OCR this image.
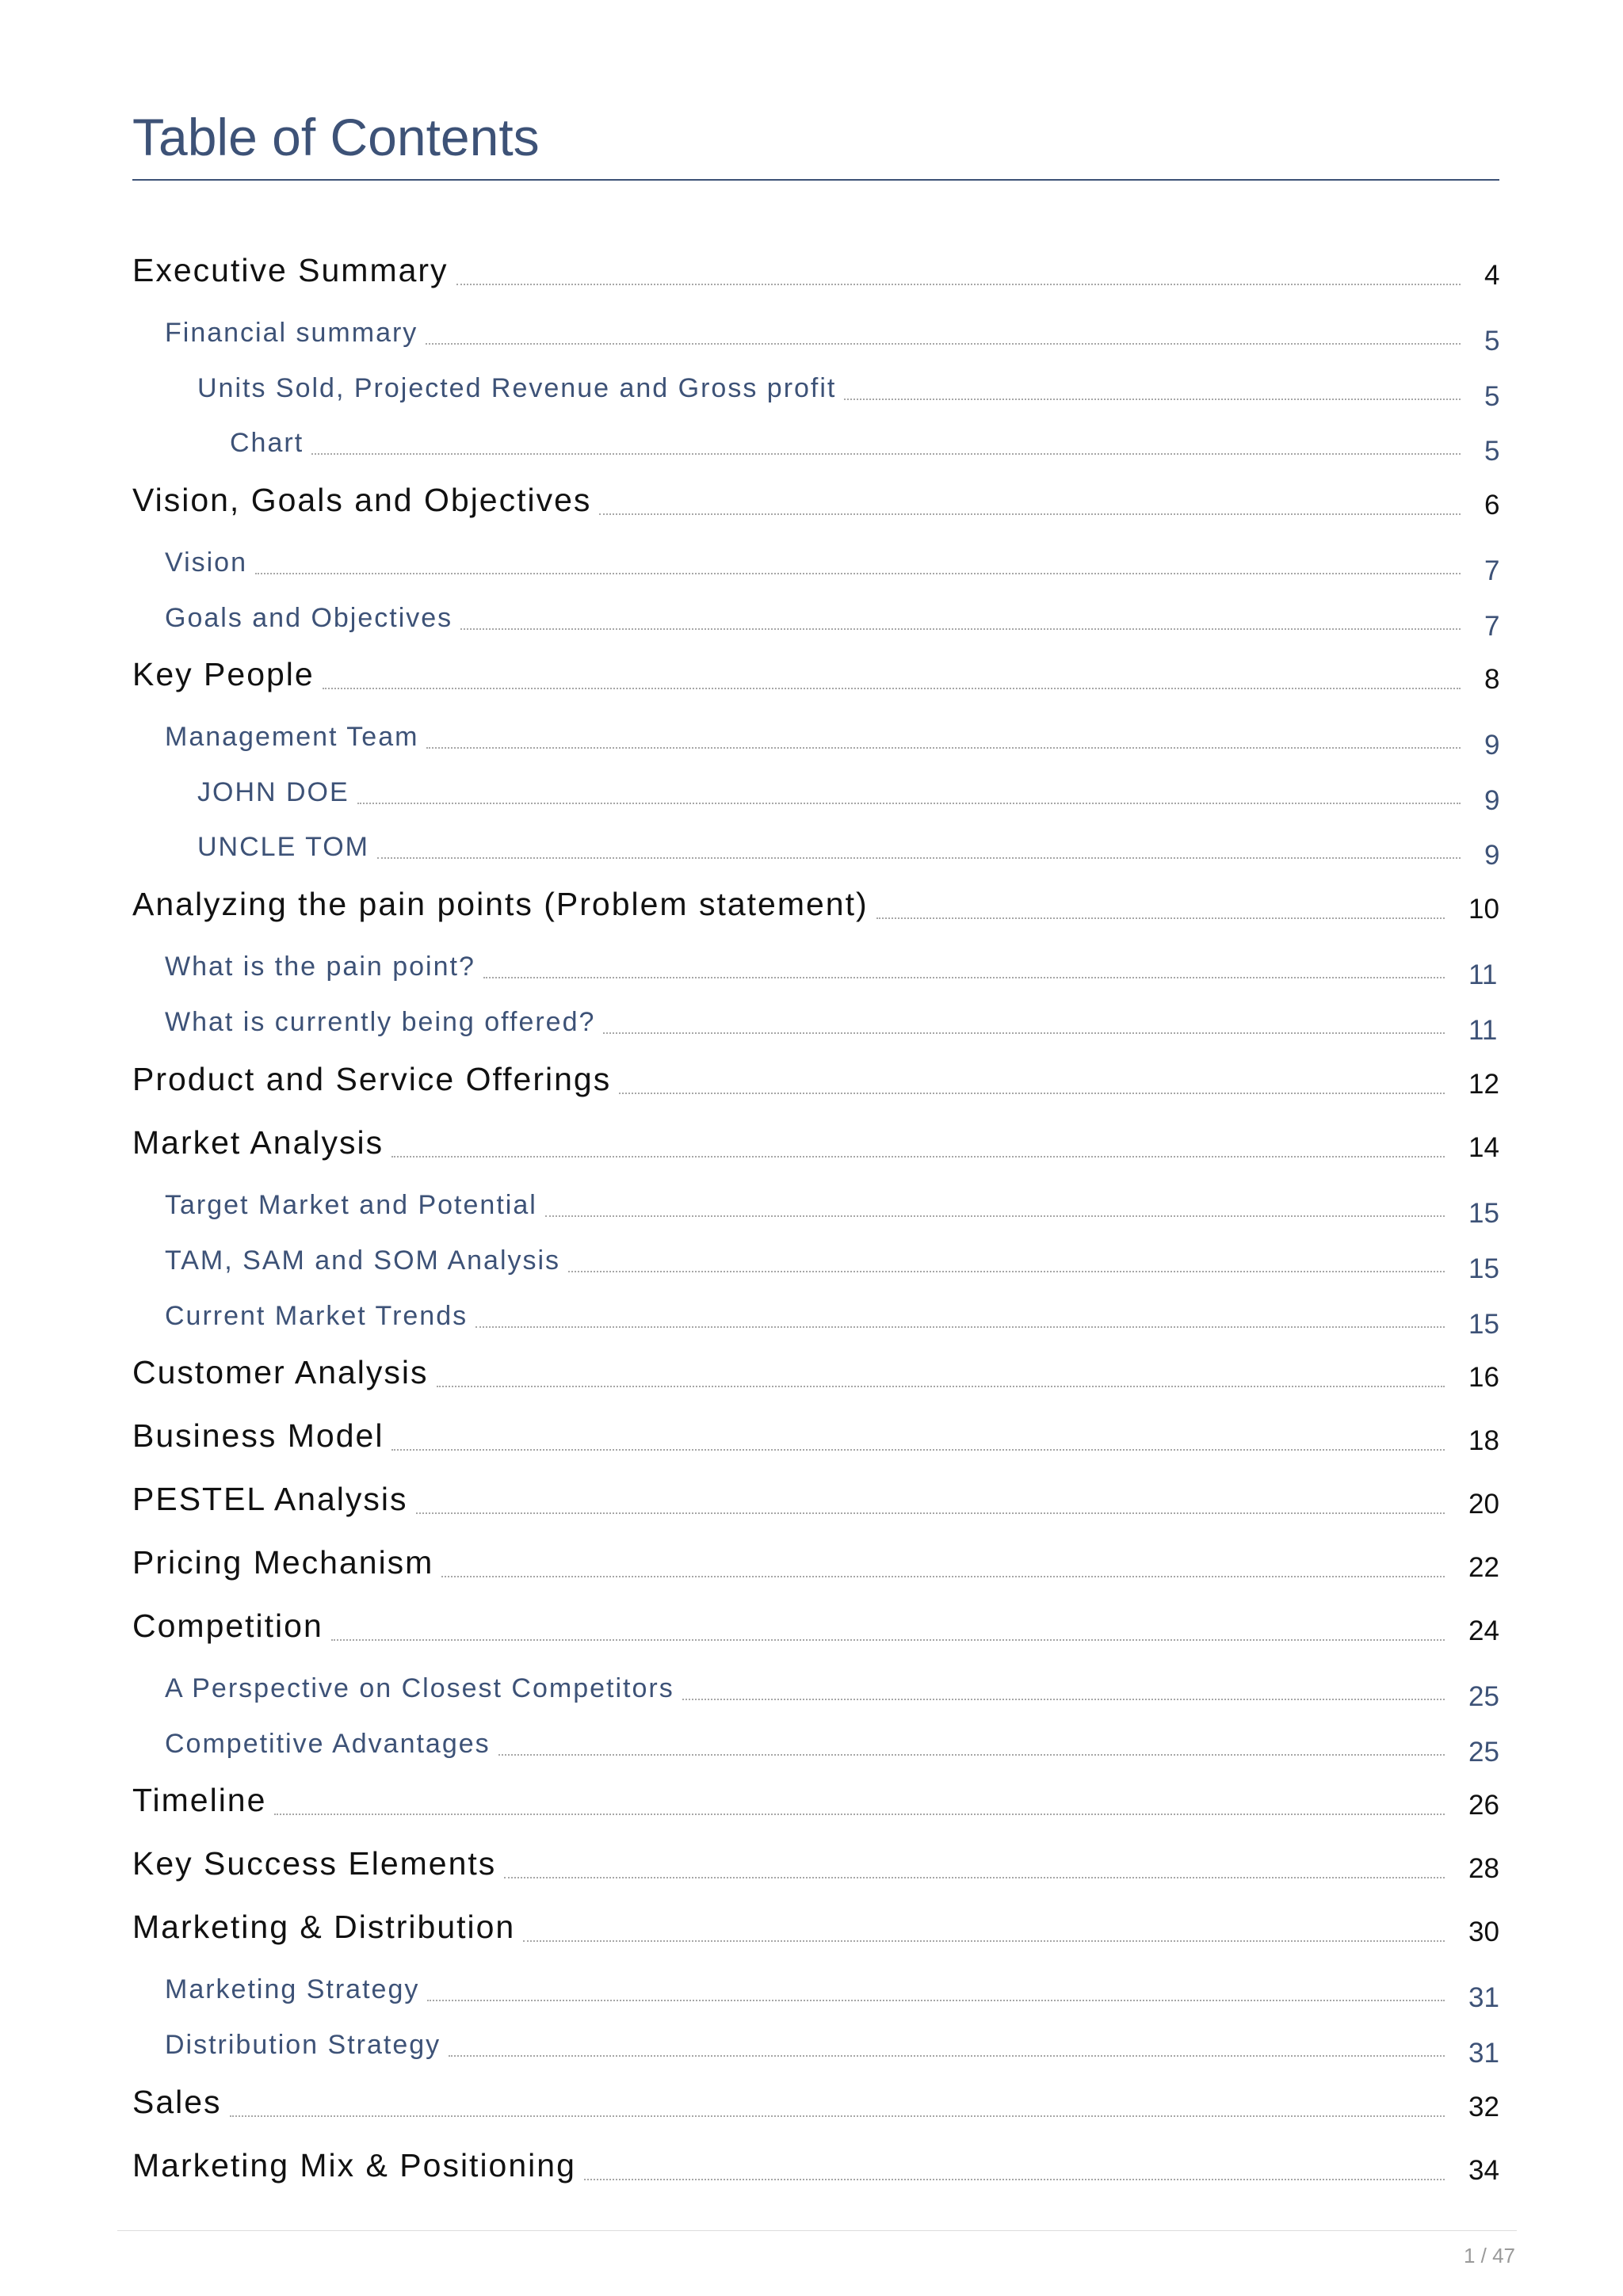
Table of Contents
Executive Summary	4
Financial summary	5
Units Sold, Projected Revenue and Gross profit	5
Chart	5
Vision, Goals and Objectives	6
Vision	7
Goals and Objectives	7
Key People	8
Management Team	9
JOHN DOE	9
UNCLE TOM	9
Analyzing the pain points (Problem statement)	10
What is the pain point?	11
What is currently being offered?	11
Product and Service Offerings	12
Market Analysis	14
Target Market and Potential	15
TAM, SAM and SOM Analysis	15
Current Market Trends	15
Customer Analysis	16
Business Model	18
PESTEL Analysis	20
Pricing Mechanism	22
Competition	24
A Perspective on Closest Competitors	25
Competitive Advantages	25
Timeline	26
Key Success Elements	28
Marketing & Distribution	30
Marketing Strategy	31
Distribution Strategy	31
Sales	32
Marketing Mix & Positioning	34
1 / 47
